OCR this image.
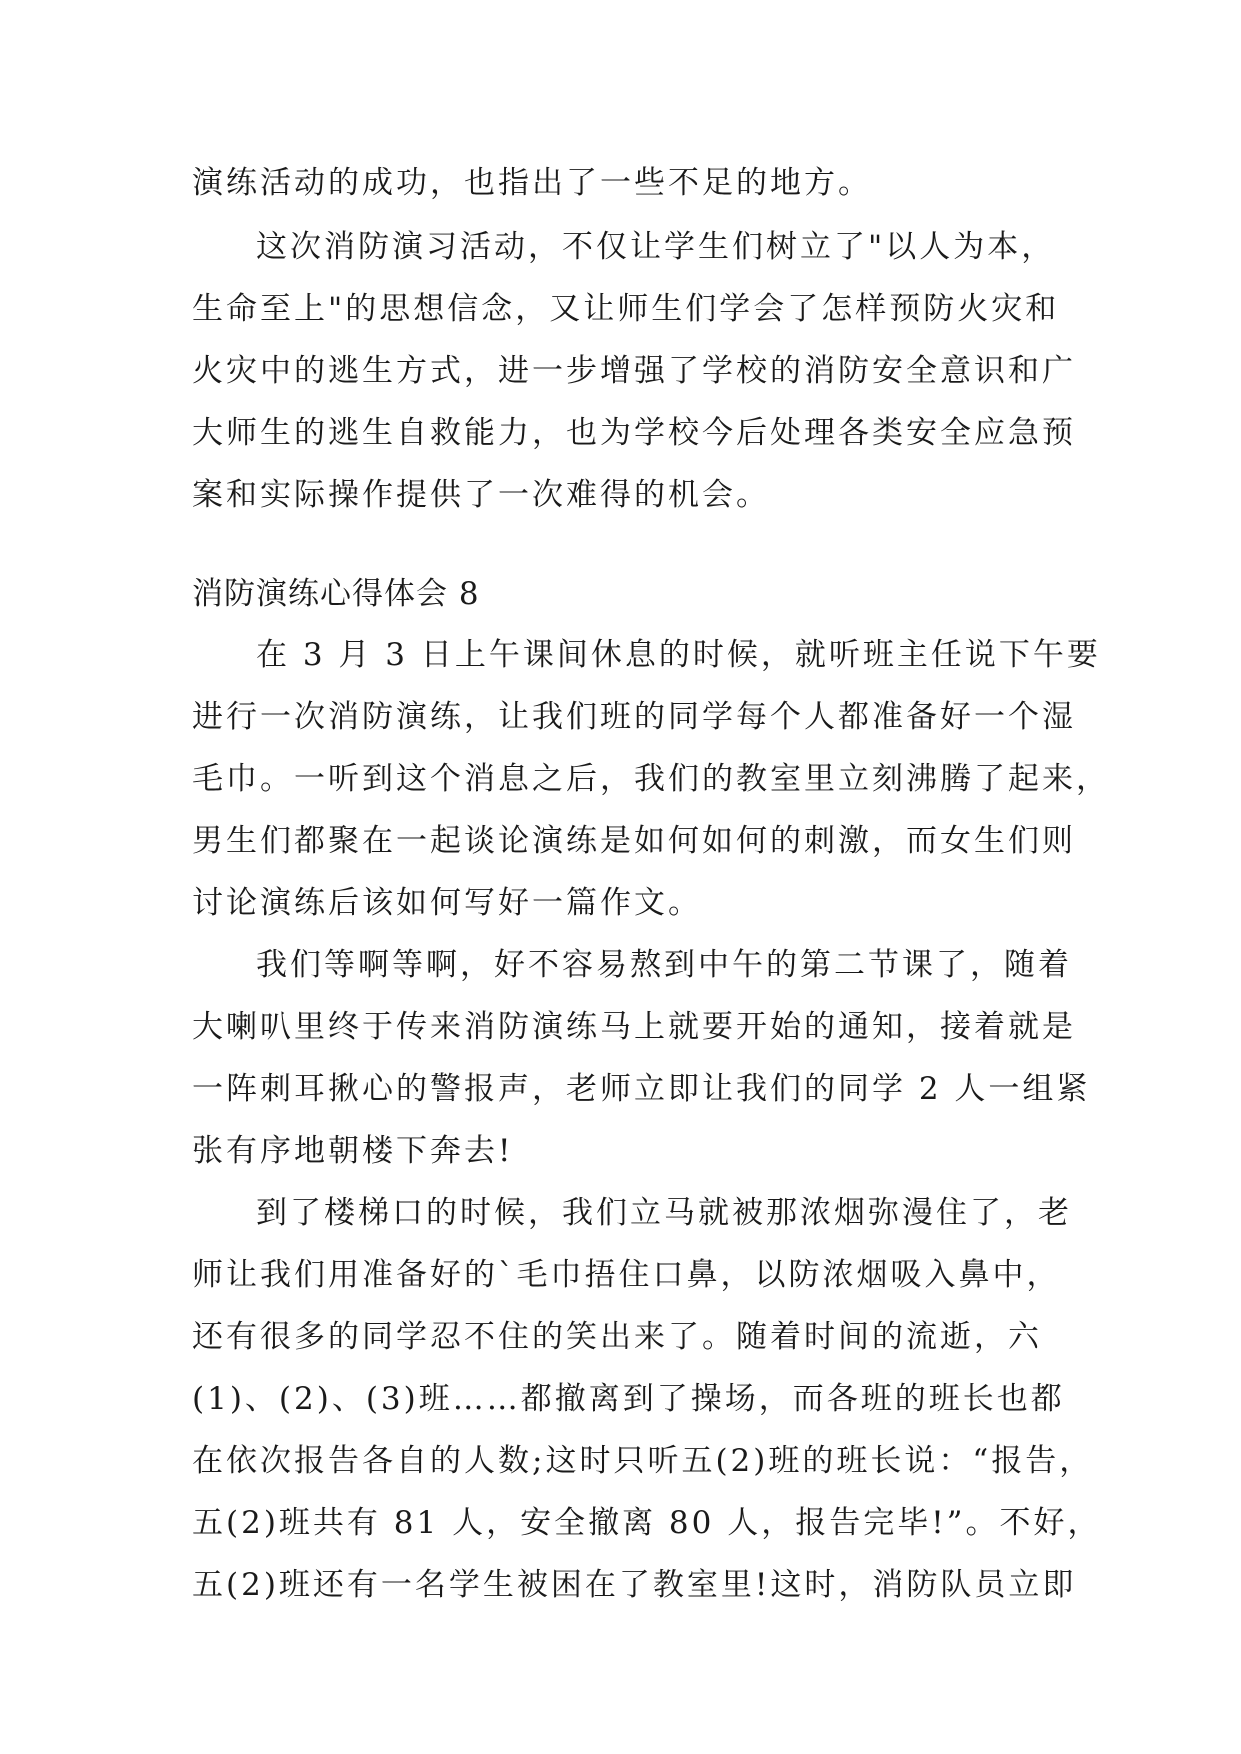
演练活动的成功，也指出了一些不足的地方。
这次消防演习活动，不仅让学生们树立了"以人为本，
生命至上"的思想信念，又让师生们学会了怎样预防火灾和
火灾中的逃生方式，进一步增强了学校的消防安全意识和广
大师生的逃生自救能力，也为学校今后处理各类安全应急预
案和实际操作提供了一次难得的机会。
消防演练心得体会 8
在 3 月 3 日上午课间休息的时候，就听班主任说下午要
进行一次消防演练，让我们班的同学每个人都准备好一个湿
毛巾。一听到这个消息之后，我们的教室里立刻沸腾了起来，
男生们都聚在一起谈论演练是如何如何的刺激，而女生们则
讨论演练后该如何写好一篇作文。
我们等啊等啊，好不容易熬到中午的第二节课了，随着
大喇叭里终于传来消防演练马上就要开始的通知，接着就是
一阵刺耳揪心的警报声，老师立即让我们的同学 2 人一组紧
张有序地朝楼下奔去!
到了楼梯口的时候，我们立马就被那浓烟弥漫住了，老
师让我们用准备好的`毛巾捂住口鼻，以防浓烟吸入鼻中，
还有很多的同学忍不住的笑出来了。随着时间的流逝，六
(1)、(2)、(3)班……都撤离到了操场，而各班的班长也都
在依次报告各自的人数;这时只听五(2)班的班长说：“报告，
五(2)班共有 81 人，安全撤离 80 人，报告完毕!”。不好，
五(2)班还有一名学生被困在了教室里!这时，消防队员立即
